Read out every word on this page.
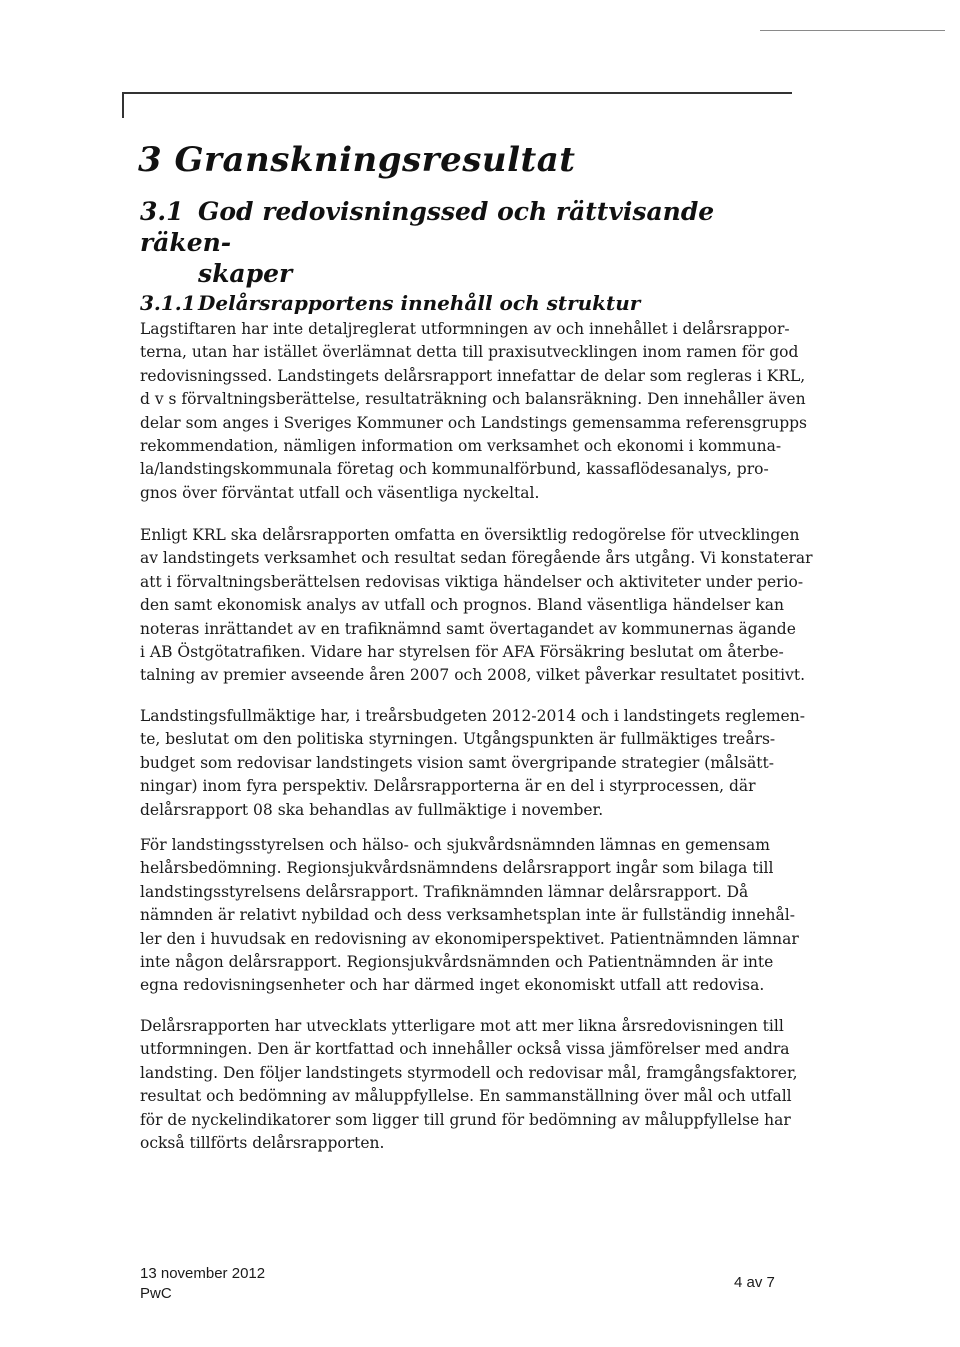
3 Granskningsresultat
3.1 God redovisningssed och rättvisande räken-
skaper
3.1.1 Delårsrapportens innehåll och struktur
Lagstiftaren har inte detaljreglerat utformningen av och innehållet i delårsrappor-
terna, utan har istället överlämnat detta till praxisutvecklingen inom ramen för god
redovisningssed. Landstingets delårsrapport innefattar de delar som regleras i KRL,
d v s förvaltningsberättelse, resultaträkning och balansräkning. Den innehåller även
delar som anges i Sveriges Kommuner och Landstings gemensamma referensgrupps
rekommendation, nämligen information om verksamhet och ekonomi i kommuna-
la/landstingskommunala företag och kommunalförbund, kassaflödesanalys, pro-
gnos över förväntat utfall och väsentliga nyckeltal.
Enligt KRL ska delårsrapporten omfatta en översiktlig redogörelse för utvecklingen
av landstingets verksamhet och resultat sedan föregående års utgång. Vi konstaterar
att i förvaltningsberättelsen redovisas viktiga händelser och aktiviteter under perio-
den samt ekonomisk analys av utfall och prognos. Bland väsentliga händelser kan
noteras inrättandet av en trafiknämnd samt övertagandet av kommunernas ägande
i AB Östgötatrafiken. Vidare har styrelsen för AFA Försäkring beslutat om återbe-
talning av premier avseende åren 2007 och 2008, vilket påverkar resultatet positivt.
Landstingsfullmäktige har, i treårsbudgeten 2012-2014 och i landstingets reglemen-
te, beslutat om den politiska styrningen. Utgångspunkten är fullmäktiges treårs-
budget som redovisar landstingets vision samt övergripande strategier (målsätt-
ningar) inom fyra perspektiv. Delårsrapporterna är en del i styrprocessen, där
delårsrapport 08 ska behandlas av fullmäktige i november.
För landstingsstyrelsen och hälso- och sjukvårdsnämnden lämnas en gemensam
helårsbedömning. Regionsjukvårdsnämndens delårsrapport ingår som bilaga till
landstingsstyrelsens delårsrapport. Trafiknämnden lämnar delårsrapport. Då
nämnden är relativt nybildad och dess verksamhetsplan inte är fullständig innehål-
ler den i huvudsak en redovisning av ekonomiperspektivet. Patientnämnden lämnar
inte någon delårsrapport. Regionsjukvårdsnämnden och Patientnämnden är inte
egna redovisningsenheter och har därmed inget ekonomiskt utfall att redovisa.
Delårsrapporten har utvecklats ytterligare mot att mer likna årsredovisningen till
utformningen. Den är kortfattad och innehåller också vissa jämförelser med andra
landsting. Den följer landstingets styrmodell och redovisar mål, framgångsfaktorer,
resultat och bedömning av måluppfyllelse. En sammanställning över mål och utfall
för de nyckelindikatorer som ligger till grund för bedömning av måluppfyllelse har
också tillförts delårsrapporten.
13 november 2012
PwC
4 av 7
